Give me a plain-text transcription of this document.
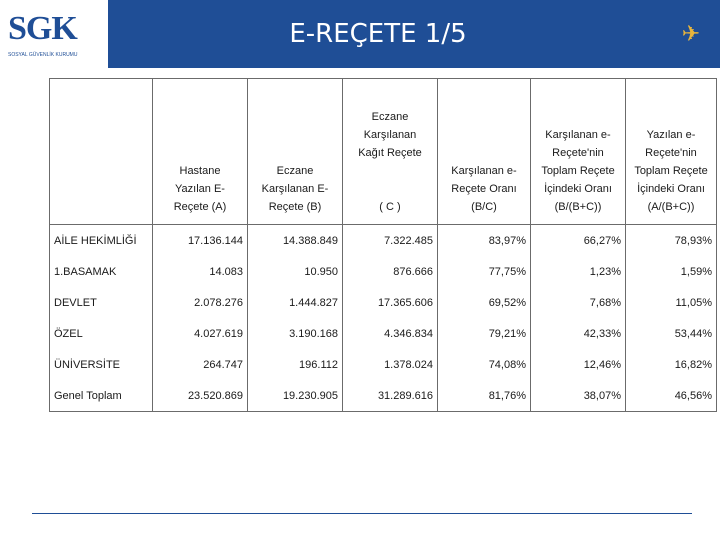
SGK
SOSYAL GÜVENLİK KURUMU
E-REÇETE 1/5	✈
	Hastane
Yazılan E-
Reçete (A)	Eczane
Karşılanan E-
Reçete (B)	Eczane
Karşılanan
Kağıt Reçete

( C )	Karşılanan e-
Reçete Oranı
(B/C)	Karşılanan e-
Reçete'nin
Toplam Reçete
İçindeki Oranı
(B/(B+C))	Yazılan e-
Reçete'nin
Toplam Reçete
İçindeki Oranı
(A/(B+C))
AİLE HEKİMLİĞİ	17.136.144	14.388.849	7.322.485	83,97%	66,27%	78,93%
1.BASAMAK	14.083	10.950	876.666	77,75%	1,23%	1,59%
DEVLET	2.078.276	1.444.827	17.365.606	69,52%	7,68%	11,05%
ÖZEL	4.027.619	3.190.168	4.346.834	79,21%	42,33%	53,44%
ÜNİVERSİTE	264.747	196.112	1.378.024	74,08%	12,46%	16,82%
Genel Toplam	23.520.869	19.230.905	31.289.616	81,76%	38,07%	46,56%
